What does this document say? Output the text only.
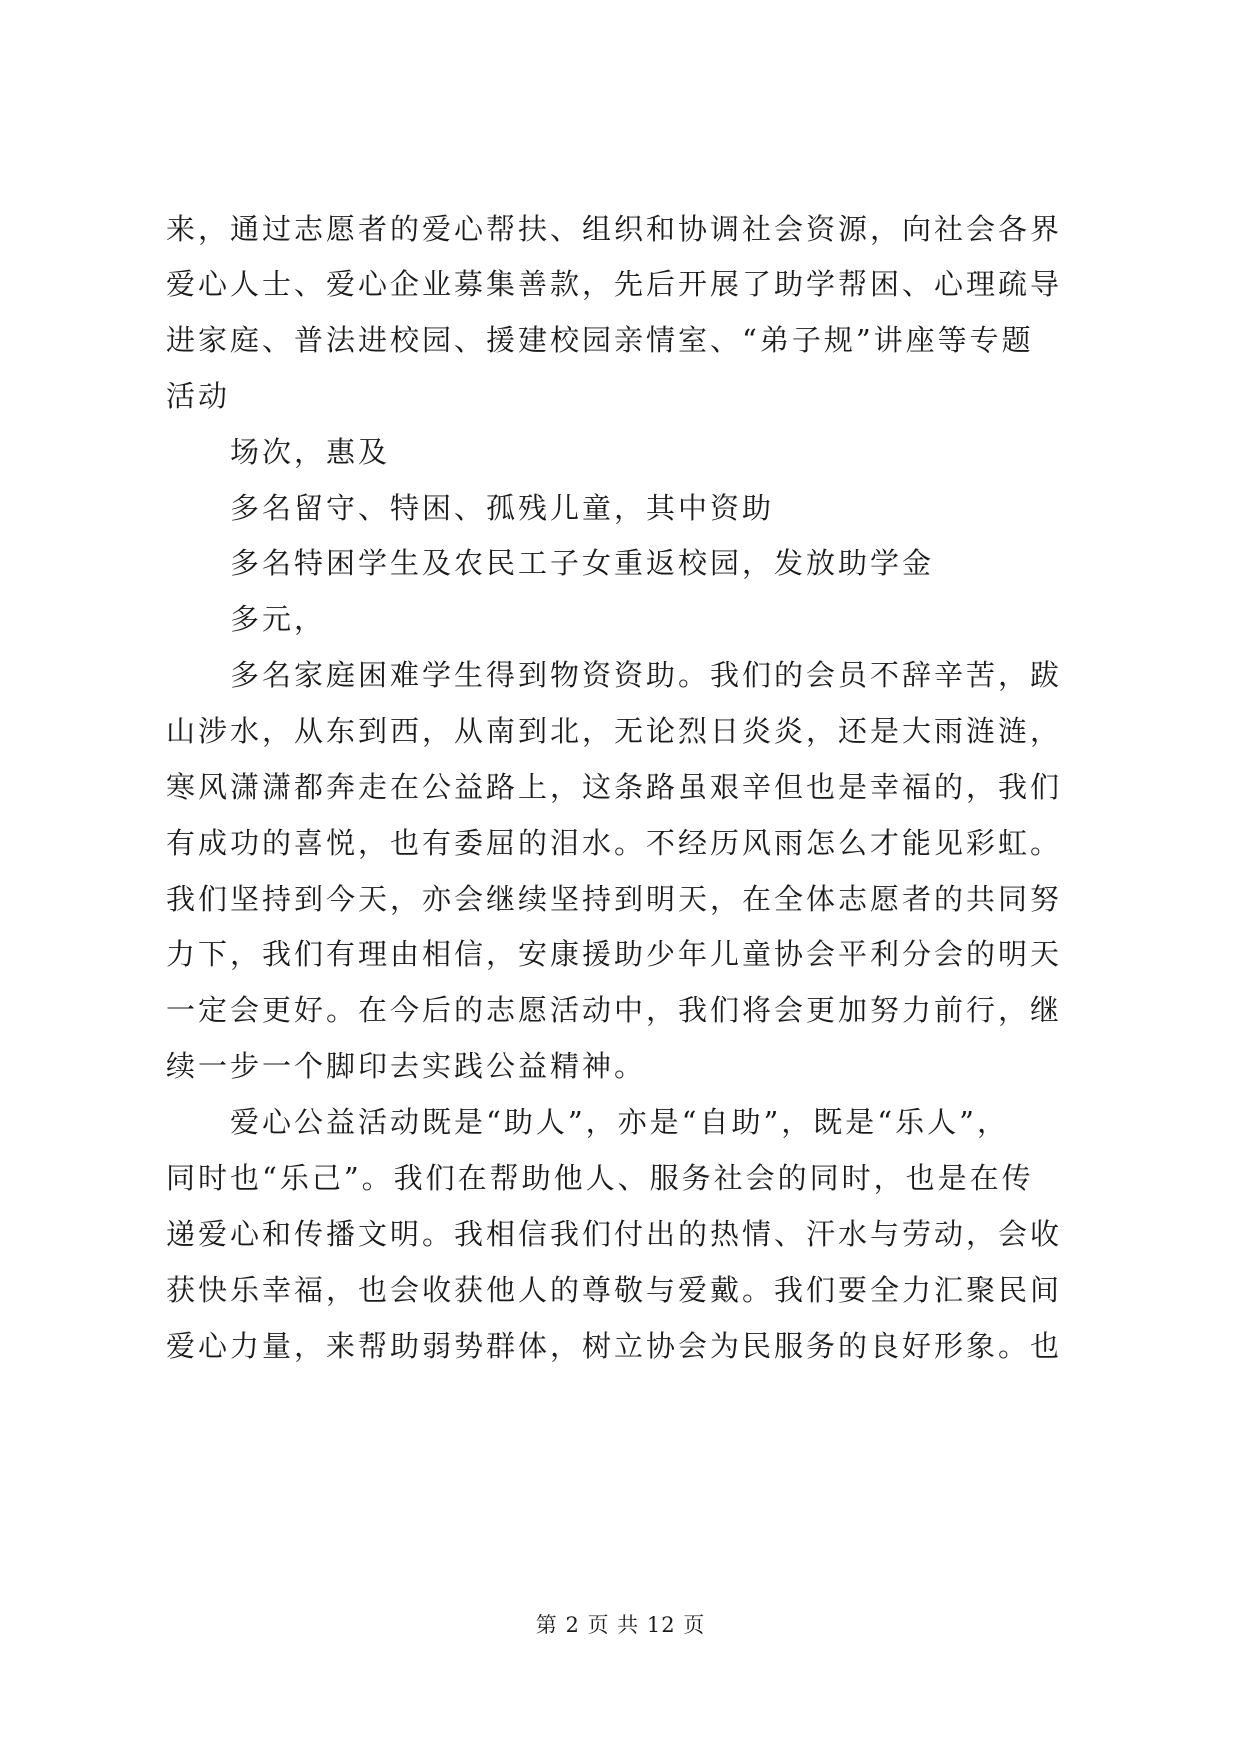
来，通过志愿者的爱心帮扶、组织和协调社会资源，向社会各界
爱心人士、爱心企业募集善款，先后开展了助学帮困、心理疏导
进家庭、普法进校园、援建校园亲情室、“弟子规”讲座等专题
活动
场次，惠及
多名留守、特困、孤残儿童，其中资助
多名特困学生及农民工子女重返校园，发放助学金
多元，
多名家庭困难学生得到物资资助。我们的会员不辞辛苦，跋
山涉水，从东到西，从南到北，无论烈日炎炎，还是大雨涟涟，
寒风潇潇都奔走在公益路上，这条路虽艰辛但也是幸福的，我们
有成功的喜悦，也有委屈的泪水。不经历风雨怎么才能见彩虹。
我们坚持到今天，亦会继续坚持到明天，在全体志愿者的共同努
力下，我们有理由相信，安康援助少年儿童协会平利分会的明天
一定会更好。在今后的志愿活动中，我们将会更加努力前行，继
续一步一个脚印去实践公益精神。
爱心公益活动既是“助人”，亦是“自助”，既是“乐人”，
同时也“乐己”。我们在帮助他人、服务社会的同时，也是在传
递爱心和传播文明。我相信我们付出的热情、汗水与劳动，会收
获快乐幸福，也会收获他人的尊敬与爱戴。我们要全力汇聚民间
爱心力量，来帮助弱势群体，树立协会为民服务的良好形象。也
第 2 页 共 12 页
